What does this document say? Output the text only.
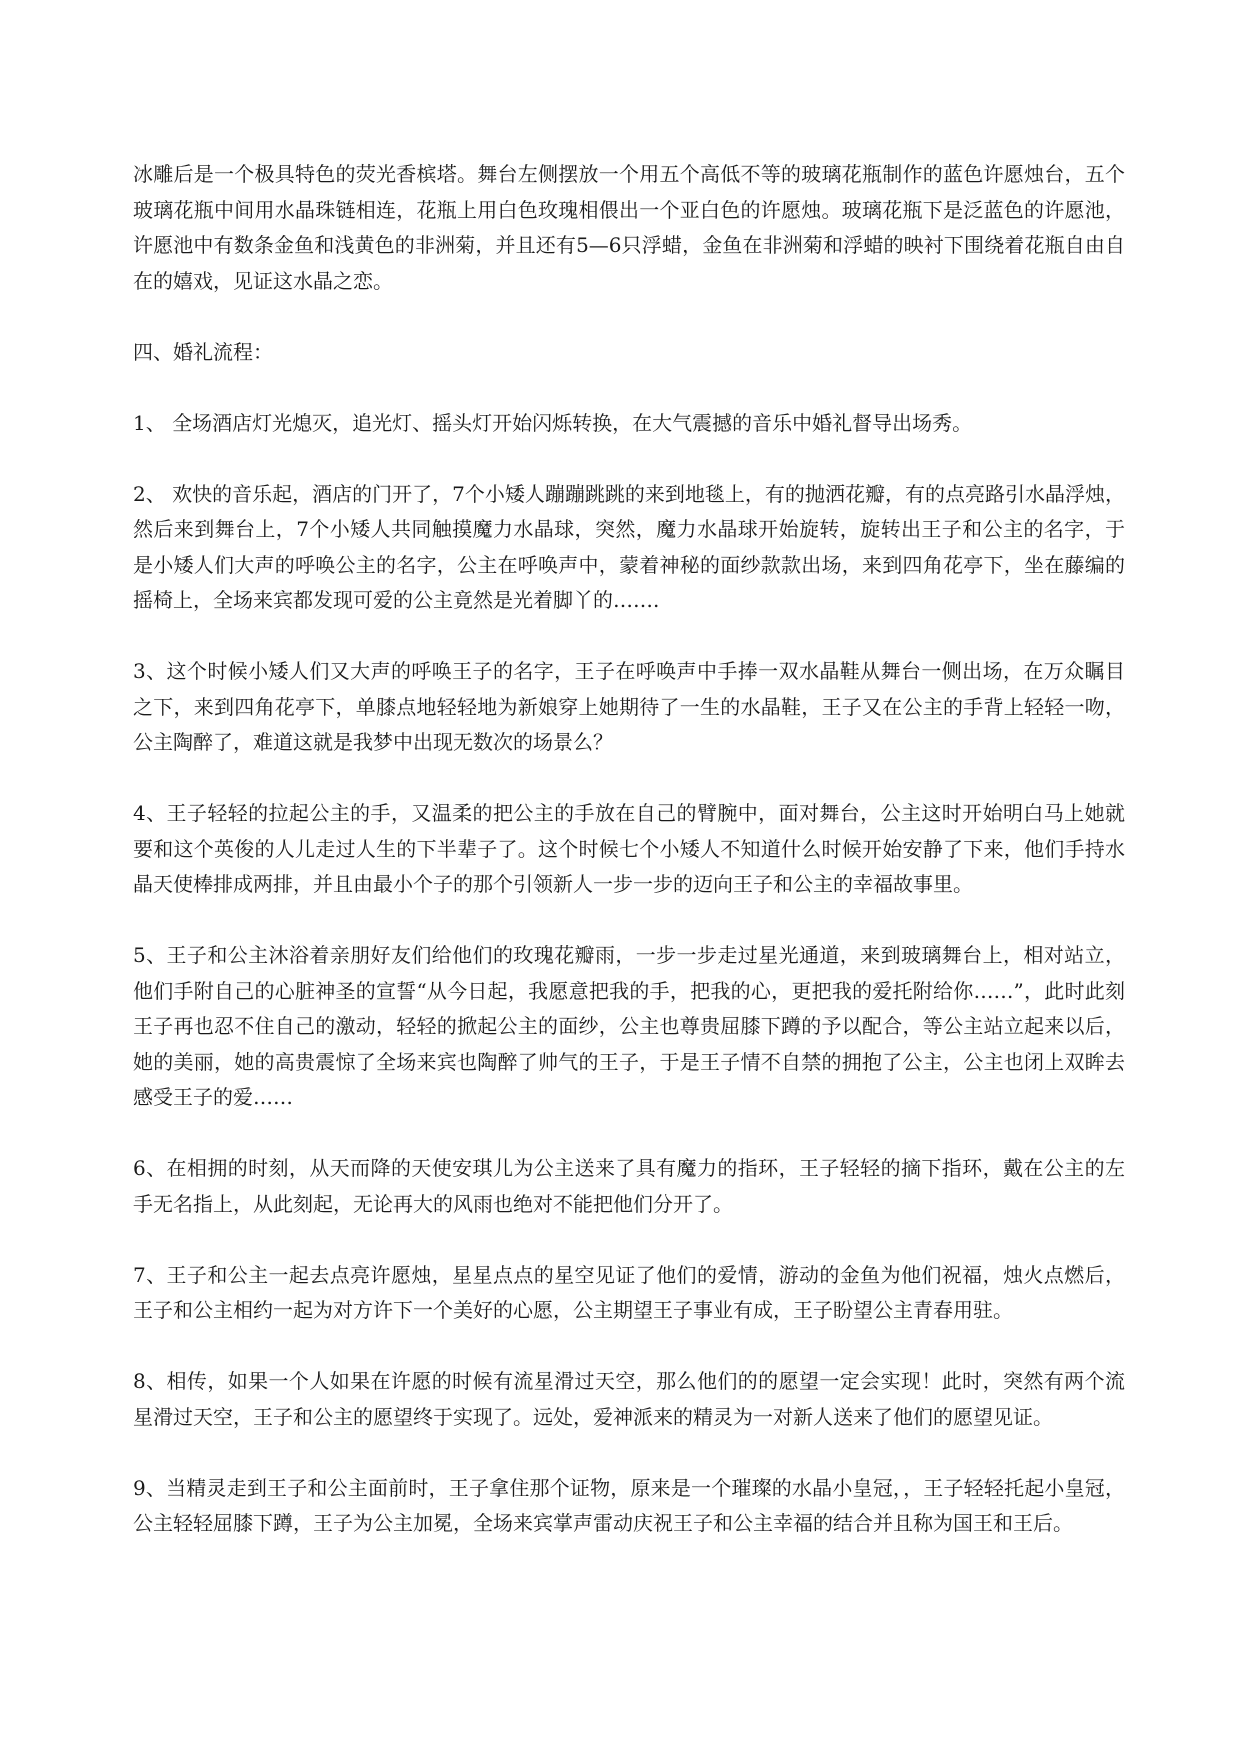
冰雕后是一个极具特色的荧光香槟塔。舞台左侧摆放一个用五个高低不等的玻璃花瓶制作的蓝色许愿烛台，五个玻璃花瓶中间用水晶珠链相连，花瓶上用白色玫瑰相偎出一个亚白色的许愿烛。玻璃花瓶下是泛蓝色的许愿池，许愿池中有数条金鱼和浅黄色的非洲菊，并且还有5—6只浮蜡，金鱼在非洲菊和浮蜡的映衬下围绕着花瓶自由自在的嬉戏，见证这水晶之恋。

四、婚礼流程：

1、 全场酒店灯光熄灭，追光灯、摇头灯开始闪烁转换，在大气震撼的音乐中婚礼督导出场秀。

2、 欢快的音乐起，酒店的门开了，7个小矮人蹦蹦跳跳的来到地毯上，有的抛洒花瓣，有的点亮路引水晶浮烛，然后来到舞台上，7个小矮人共同触摸魔力水晶球，突然，魔力水晶球开始旋转，旋转出王子和公主的名字，于是小矮人们大声的呼唤公主的名字，公主在呼唤声中，蒙着神秘的面纱款款出场，来到四角花亭下，坐在藤编的摇椅上，全场来宾都发现可爱的公主竟然是光着脚丫的…….

3、这个时候小矮人们又大声的呼唤王子的名字，王子在呼唤声中手捧一双水晶鞋从舞台一侧出场，在万众瞩目之下，来到四角花亭下，单膝点地轻轻地为新娘穿上她期待了一生的水晶鞋，王子又在公主的手背上轻轻一吻，公主陶醉了，难道这就是我梦中出现无数次的场景么？

4、王子轻轻的拉起公主的手，又温柔的把公主的手放在自己的臂腕中，面对舞台，公主这时开始明白马上她就要和这个英俊的人儿走过人生的下半辈子了。这个时候七个小矮人不知道什么时候开始安静了下来，他们手持水晶天使棒排成两排，并且由最小个子的那个引领新人一步一步的迈向王子和公主的幸福故事里。

5、王子和公主沐浴着亲朋好友们给他们的玫瑰花瓣雨，一步一步走过星光通道，来到玻璃舞台上，相对站立，他们手附自己的心脏神圣的宣誓“从今日起，我愿意把我的手，把我的心，更把我的爱托附给你……”，此时此刻王子再也忍不住自己的激动，轻轻的掀起公主的面纱，公主也尊贵屈膝下蹲的予以配合，等公主站立起来以后，她的美丽，她的高贵震惊了全场来宾也陶醉了帅气的王子，于是王子情不自禁的拥抱了公主，公主也闭上双眸去感受王子的爱……

6、在相拥的时刻，从天而降的天使安琪儿为公主送来了具有魔力的指环，王子轻轻的摘下指环，戴在公主的左手无名指上，从此刻起，无论再大的风雨也绝对不能把他们分开了。

7、王子和公主一起去点亮许愿烛，星星点点的星空见证了他们的爱情，游动的金鱼为他们祝福，烛火点燃后，王子和公主相约一起为对方许下一个美好的心愿，公主期望王子事业有成，王子盼望公主青春用驻。

8、相传，如果一个人如果在许愿的时候有流星滑过天空，那么他们的的愿望一定会实现！此时，突然有两个流星滑过天空，王子和公主的愿望终于实现了。远处，爱神派来的精灵为一对新人送来了他们的愿望见证。

9、当精灵走到王子和公主面前时，王子拿住那个证物，原来是一个璀璨的水晶小皇冠，，王子轻轻托起小皇冠，公主轻轻屈膝下蹲，王子为公主加冕，全场来宾掌声雷动庆祝王子和公主幸福的结合并且称为国王和王后。
